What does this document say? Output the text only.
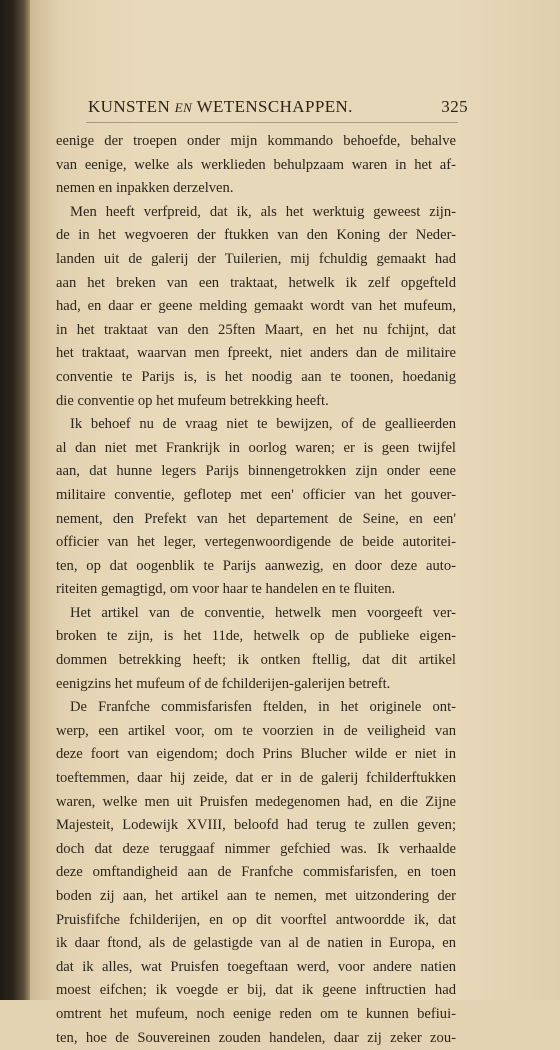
KUNSTEN EN WETENSCHAPPEN.	325
eenige der troepen onder mijn kommando behoefde, behalve
van eenige, welke als werklieden behulpzaam waren in het af-
nemen en inpakken derzelven.
Men heeft verfpreid, dat ik, als het werktuig geweest zijn-
de in het wegvoeren der ftukken van den Koning der Neder-
landen uit de galerij der Tuilerien, mij fchuldig gemaakt had
aan het breken van een traktaat, hetwelk ik zelf opgefteld
had, en daar er geene melding gemaakt wordt van het mufeum,
in het traktaat van den 25ften Maart, en het nu fchijnt, dat
het traktaat, waarvan men fpreekt, niet anders dan de militaire
conventie te Parijs is, is het noodig aan te toonen, hoedanig
die conventie op het mufeum betrekking heeft.
Ik behoef nu de vraag niet te bewijzen, of de geallieerden
al dan niet met Frankrijk in oorlog waren; er is geen twijfel
aan, dat hunne legers Parijs binnengetrokken zijn onder eene
militaire conventie, geflotep met een' officier van het gouver-
nement, den Prefekt van het departement de Seine, en een'
officier van het leger, vertegenwoordigende de beide autoritei-
ten, op dat oogenblik te Parijs aanwezig, en door deze auto-
riteiten gemagtigd, om voor haar te handelen en te fluiten.
Het artikel van de conventie, hetwelk men voorgeeft ver-
broken te zijn, is het 11de, hetwelk op de publieke eigen-
dommen betrekking heeft; ik ontken ftellig, dat dit artikel
eenigzins het mufeum of de fchilderijen-galerijen betreft.
De Franfche commisfarisfen ftelden, in het originele ont-
werp, een artikel voor, om te voorzien in de veiligheid van
deze foort van eigendom; doch Prins Blucher wilde er niet in
toeftemmen, daar hij zeide, dat er in de galerij fchilderftukken
waren, welke men uit Pruisfen medegenomen had, en die Zijne
Majesteit, Lodewijk XVIII, beloofd had terug te zullen geven;
doch dat deze teruggaaf nimmer gefchied was. Ik verhaalde
deze omftandigheid aan de Franfche commisfarisfen, en toen
boden zij aan, het artikel aan te nemen, met uitzondering der
Pruisfifche fchilderijen, en op dit voorftel antwoordde ik, dat
ik daar ftond, als de gelastigde van al de natien in Europa, en
dat ik alles, wat Pruisfen toegeftaan werd, voor andere natien
moest eifchen; ik voegde er bij, dat ik geene inftructien had
omtrent het mufeum, noch eenige reden om te kunnen befiui-
ten, hoe de Souvereinen zouden handelen, daar zij zeker zou-
